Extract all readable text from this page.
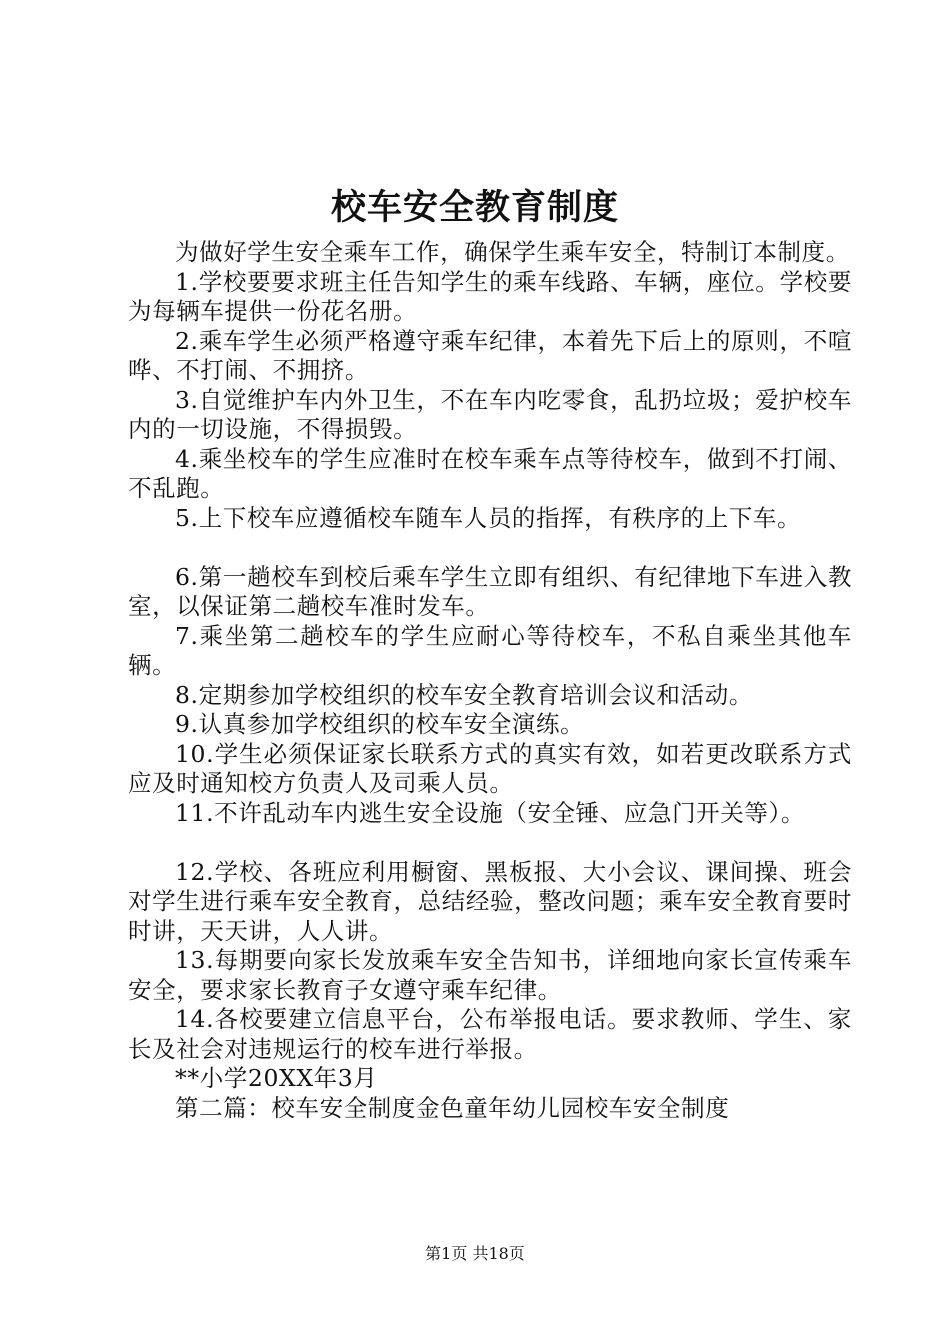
校车安全教育制度

为做好学生安全乘车工作，确保学生乘车安全，特制订本制度。

1.学校要要求班主任告知学生的乘车线路、车辆，座位。学校要为每辆车提供一份花名册。

2.乘车学生必须严格遵守乘车纪律，本着先下后上的原则，不喧哗、不打闹、不拥挤。

3.自觉维护车内外卫生，不在车内吃零食，乱扔垃圾；爱护校车内的一切设施，不得损毁。

4.乘坐校车的学生应准时在校车乘车点等待校车，做到不打闹、不乱跑。

5.上下校车应遵循校车随车人员的指挥，有秩序的上下车。

6.第一趟校车到校后乘车学生立即有组织、有纪律地下车进入教室，以保证第二趟校车准时发车。

7.乘坐第二趟校车的学生应耐心等待校车，不私自乘坐其他车辆。

8.定期参加学校组织的校车安全教育培训会议和活动。

9.认真参加学校组织的校车安全演练。

10.学生必须保证家长联系方式的真实有效，如若更改联系方式应及时通知校方负责人及司乘人员。

11.不许乱动车内逃生安全设施（安全锤、应急门开关等）。

12.学校、各班应利用橱窗、黑板报、大小会议、课间操、班会对学生进行乘车安全教育，总结经验，整改问题；乘车安全教育要时时讲，天天讲，人人讲。

13.每期要向家长发放乘车安全告知书，详细地向家长宣传乘车安全，要求家长教育子女遵守乘车纪律。

14.各校要建立信息平台，公布举报电话。要求教师、学生、家长及社会对违规运行的校车进行举报。

**小学20XX年3月

第二篇：校车安全制度金色童年幼儿园校车安全制度

第1页 共18页
